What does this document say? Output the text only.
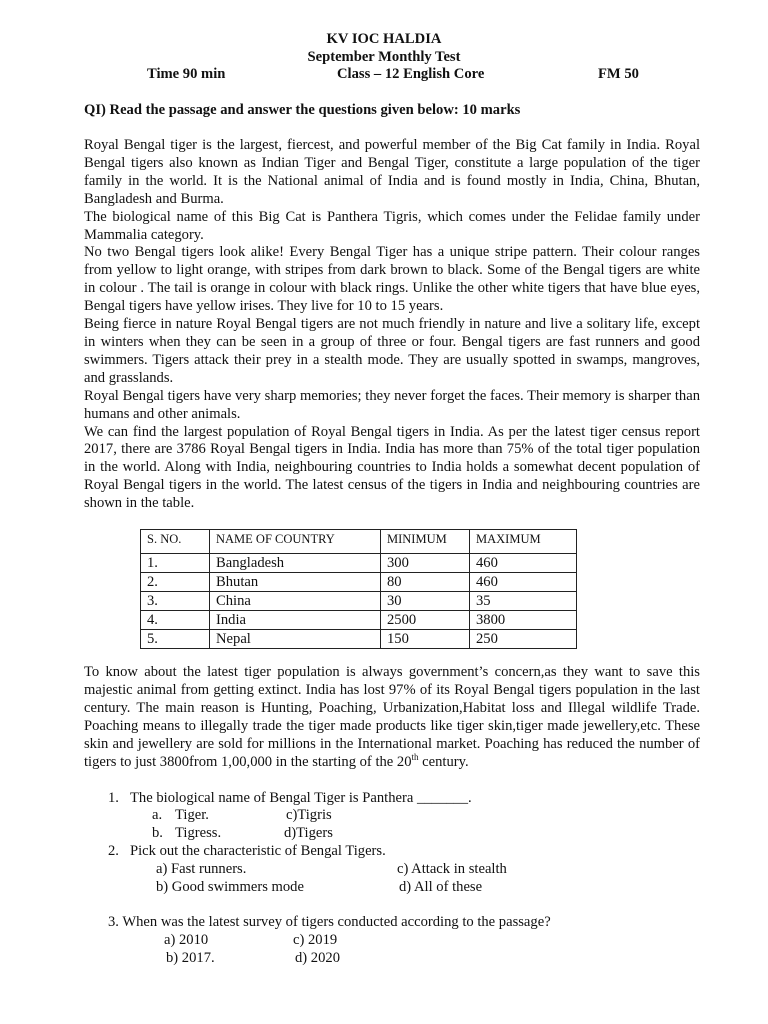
KV IOC HALDIA
September Monthly Test
Time 90 min	Class – 12 English Core	FM 50
QI) Read the passage and answer the questions given below: 10 marks

Royal Bengal tiger is the largest, fiercest, and powerful member of the Big Cat family in India. Royal Bengal tigers also known as Indian Tiger and Bengal Tiger, constitute a large population of the tiger family in the world. It is the National animal of India and is found mostly in India, China, Bhutan, Bangladesh and Burma.

The biological name of this Big Cat is Panthera Tigris, which comes under the Felidae family under Mammalia category.

No two Bengal tigers look alike! Every Bengal Tiger has a unique stripe pattern. Their colour ranges from yellow to light orange, with stripes from dark brown to black. Some of the Bengal tigers are white in colour . The tail is orange in colour with black rings. Unlike the other white tigers that have blue eyes, Bengal tigers have yellow irises. They live for 10 to 15 years.

Being fierce in nature Royal Bengal tigers are not much friendly in nature and live a solitary life, except in winters when they can be seen in a group of three or four. Bengal tigers are fast runners and good swimmers. Tigers attack their prey in a stealth mode. They are usually spotted in swamps, mangroves, and grasslands.

Royal Bengal tigers have very sharp memories; they never forget the faces. Their memory is sharper than humans and other animals.

We can find the largest population of Royal Bengal tigers in India. As per the latest tiger census report 2017, there are 3786 Royal Bengal tigers in India. India has more than 75% of the total tiger population in the world. Along with India, neighbouring countries to India holds a somewhat decent population of Royal Bengal tigers in the world. The latest census of the tigers in India and neighbouring countries are shown in the table.

S. NO.	NAME OF COUNTRY	MINIMUM	MAXIMUM
1.	Bangladesh	300	460
2.	Bhutan	80	460
3.	China	30	35
4.	India	2500	3800
5.	Nepal	150	250

To know about the latest tiger population is always government’s concern,as they want to save this majestic animal from getting extinct. India has lost 97% of its Royal Bengal tigers population in the last century. The main reason is Hunting, Poaching, Urbanization,Habitat loss and Illegal wildlife Trade. Poaching means to illegally trade the tiger made products like tiger skin,tiger made jewellery,etc. These skin and jewellery are sold for millions in the International market. Poaching has reduced the number of tigers to just 3800from 1,00,000 in the starting of the 20th century.

1. The biological name of Bengal Tiger is Panthera _______.
a. Tiger.	c)Tigris
b. Tigress.	d)Tigers
2. Pick out the characteristic of Bengal Tigers.
a) Fast runners.	c) Attack in stealth
b) Good swimmers mode	d) All of these
3. When was the latest survey of tigers conducted according to the passage?
a) 2010	c) 2019
b) 2017.	d) 2020
